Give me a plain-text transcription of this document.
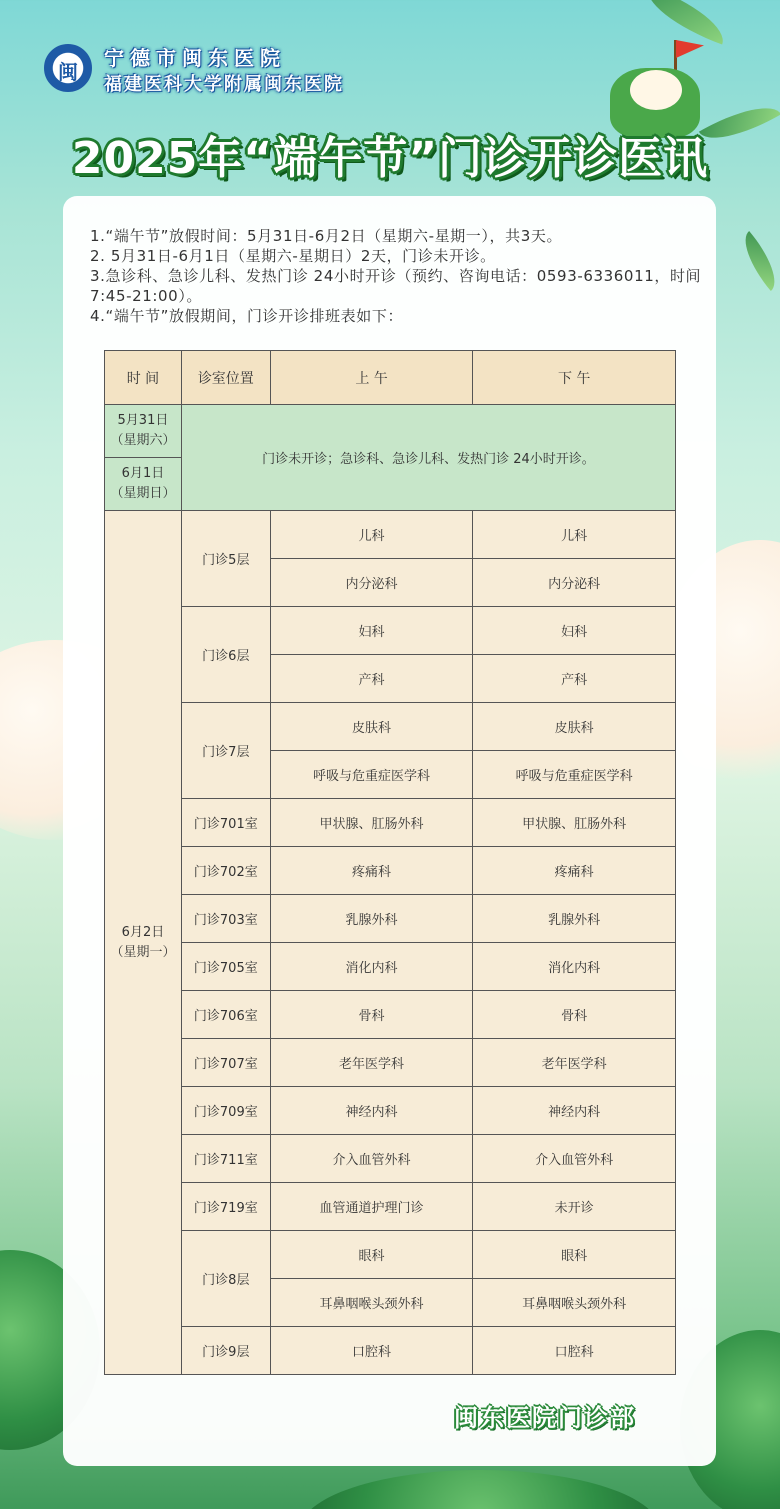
闽
宁德市闽东医院
福建医科大学附属闽东医院
2025年“端午节”门诊开诊医讯
1.“端午节”放假时间：5月31日-6月2日（星期六-星期一），共3天。
2. 5月31日-6月1日（星期六-星期日）2天，门诊未开诊。
3.急诊科、急诊儿科、发热门诊 24小时开诊（预约、咨询电话：0593-6336011，时间 7:45-21:00）。
4.“端午节”放假期间，门诊开诊排班表如下：
时 间	诊室位置	上 午	下 午

5月31日
（星期六）	门诊未开诊；急诊科、急诊儿科、发热门诊 24小时开诊。		

6月1日
（星期日）			

6月2日
（星期一）	门诊5层	儿科	儿科
		内分泌科	内分泌科
	门诊6层	妇科	妇科
		产科	产科
	门诊7层	皮肤科	皮肤科
		呼吸与危重症医学科	呼吸与危重症医学科
	门诊701室	甲状腺、肛肠外科	甲状腺、肛肠外科
	门诊702室	疼痛科	疼痛科
	门诊703室	乳腺外科	乳腺外科
	门诊705室	消化内科	消化内科
	门诊706室	骨科	骨科
	门诊707室	老年医学科	老年医学科
	门诊709室	神经内科	神经内科
	门诊711室	介入血管外科	介入血管外科
	门诊719室	血管通道护理门诊	未开诊
	门诊8层	眼科	眼科
		耳鼻咽喉头颈外科	耳鼻咽喉头颈外科
	门诊9层	口腔科	口腔科
闽东医院门诊部
